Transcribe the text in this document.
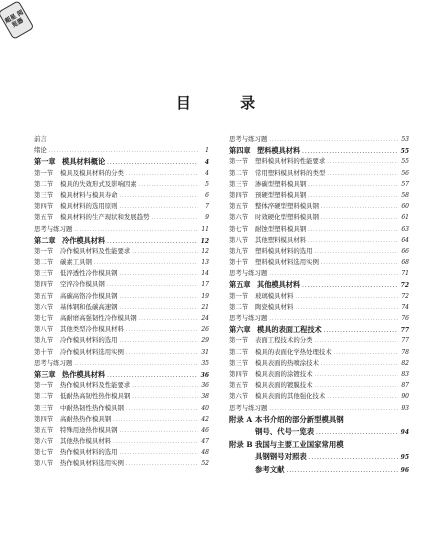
超星 阅览器
目 录
前言
绪论 .....	1
第一章 模具材料概论 .....	4
第一节	模具及模具材料的分类 .....	4
第二节	模具的失效形式及影响因素 .....	5
第三节	模具材料与模具寿命 .....	6
第四节	模具材料的选用原则 .....	7
第五节	模具材料的生产现状和发展趋势 .....	9
思考与练习题 .....	11
第二章 冷作模具材料 .....	12
第一节	冷作模具材料及性能要求 .....	12
第二节	碳素工具钢 .....	13
第三节	低淬透性冷作模具钢 .....	14
第四节	空淬冷作模具钢 .....	17
第五节	高碳高铬冷作模具钢 .....	19
第六节	基体钢和低碳高速钢 .....	21
第七节	高耐磨高强韧性冷作模具钢 .....	24
第八节	其他类型冷作模具材料 .....	26
第九节	冷作模具材料的选用 .....	29
第十节	冷作模具材料选用实例 .....	31
思考与练习题 .....	35
第三章 热作模具材料 .....	36
第一节	热作模具材料及性能要求 .....	36
第二节	低耐热高韧性热作模具钢 .....	38
第三节	中耐热韧性热作模具钢 .....	40
第四节	高耐热热作模具钢 .....	42
第五节	特殊用途热作模具钢 .....	46
第六节	其他热作模具材料 .....	47
第七节	热作模具材料的选用 .....	48
第八节	热作模具材料选用实例 .....	52
思考与练习题 .....	53
第四章 塑料模具材料 .....	55
第一节	塑料模具材料的性能要求 .....	55
第二节	常用塑料模具材料的类型 .....	56
第三节	渗碳型塑料模具钢 .....	57
第四节	预硬型塑料模具钢 .....	58
第五节	整体淬硬型塑料模具钢 .....	60
第六节	时效硬化型塑料模具钢 .....	61
第七节	耐蚀型塑料模具钢 .....	63
第八节	其他塑料模具材料 .....	64
第九节	塑料模具材料的选用 .....	66
第十节	塑料模具材料选用实例 .....	68
思考与练习题 .....	71
第五章 其他模具材料 .....	72
第一节	玻璃模具材料 .....	72
第二节	陶瓷模具材料 .....	74
思考与练习题 .....	76
第六章 模具的表面工程技术 .....	77
第一节	表面工程技术的分类 .....	77
第二节	模具的表面化学热处理技术 .....	78
第三节	模具表面的热喷涂技术 .....	82
第四节	模具表面的涂镀技术 .....	83
第五节	模具表面的镀膜技术 .....	87
第六节	模具表面的其他强化技术 .....	90
思考与练习题 .....	93
附录 A 本书介绍的部分新型模具钢
钢号、代号一览表 .....	94
附录 B 我国与主要工业国家常用模
具钢钢号对照表 .....	95
参考文献 .....	96
